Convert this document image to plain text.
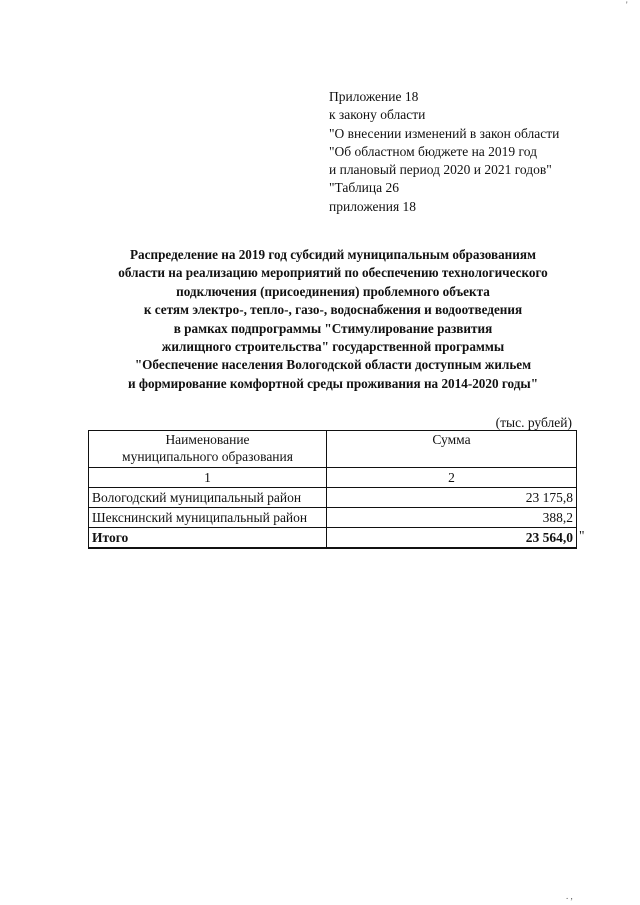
'
Приложение 18
к закону области
"О внесении изменений в закон области
"Об областном бюджете на 2019 год
и плановый период 2020 и 2021 годов"
"Таблица 26
приложения 18
Распределение на 2019 год субсидий муниципальным образованиям
области на реализацию мероприятий по обеспечению технологического
подключения (присоединения) проблемного объекта
к сетям электро-, тепло-, газо-, водоснабжения и водоотведения
в рамках подпрограммы "Стимулирование развития
жилищного строительства" государственной программы
"Обеспечение населения Вологодской области доступным жильем
и формирование комфортной среды проживания на 2014-2020 годы"
(тыс. рублей)
Наименование
муниципального образования	Сумма
1	2
Вологодский муниципальный район	23 175,8
Шекснинский муниципальный район	388,2
Итого	23 564,0 "
. ,
